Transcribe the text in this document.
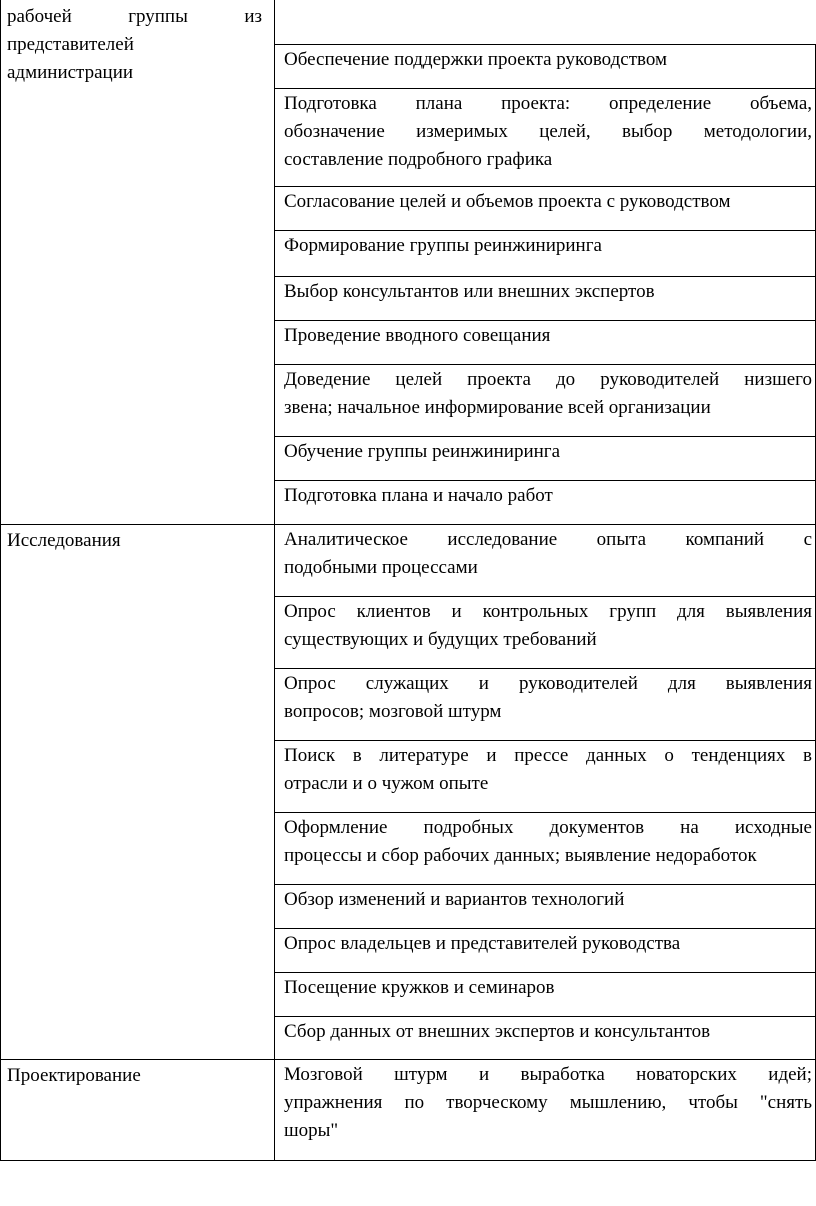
рабочей группы из
представителей
администрации
Обеспечение поддержки проекта руководством
Подготовка плана проекта: определение объема,
обозначение измеримых целей, выбор методологии,
составление подробного графика
Согласование целей и объемов проекта с руководством
Формирование группы реинжиниринга
Выбор консультантов или внешних экспертов
Проведение вводного совещания
Доведение целей проекта до руководителей низшего
звена; начальное информирование всей организации
Обучение группы реинжиниринга
Подготовка плана и начало работ
Исследования	Аналитическое исследование опыта компаний с
подобными процессами
Опрос клиентов и контрольных групп для выявления
существующих и будущих требований
Опрос служащих и руководителей для выявления
вопросов; мозговой штурм
Поиск в литературе и прессе данных о тенденциях в
отрасли и о чужом опыте
Оформление подробных документов на исходные
процессы и сбор рабочих данных; выявление недоработок
Обзор изменений и вариантов технологий
Опрос владельцев и представителей руководства
Посещение кружков и семинаров
Сбор данных от внешних экспертов и консультантов
Проектирование	Мозговой штурм и выработка новаторских идей;
упражнения по творческому мышлению, чтобы "снять
шоры"
